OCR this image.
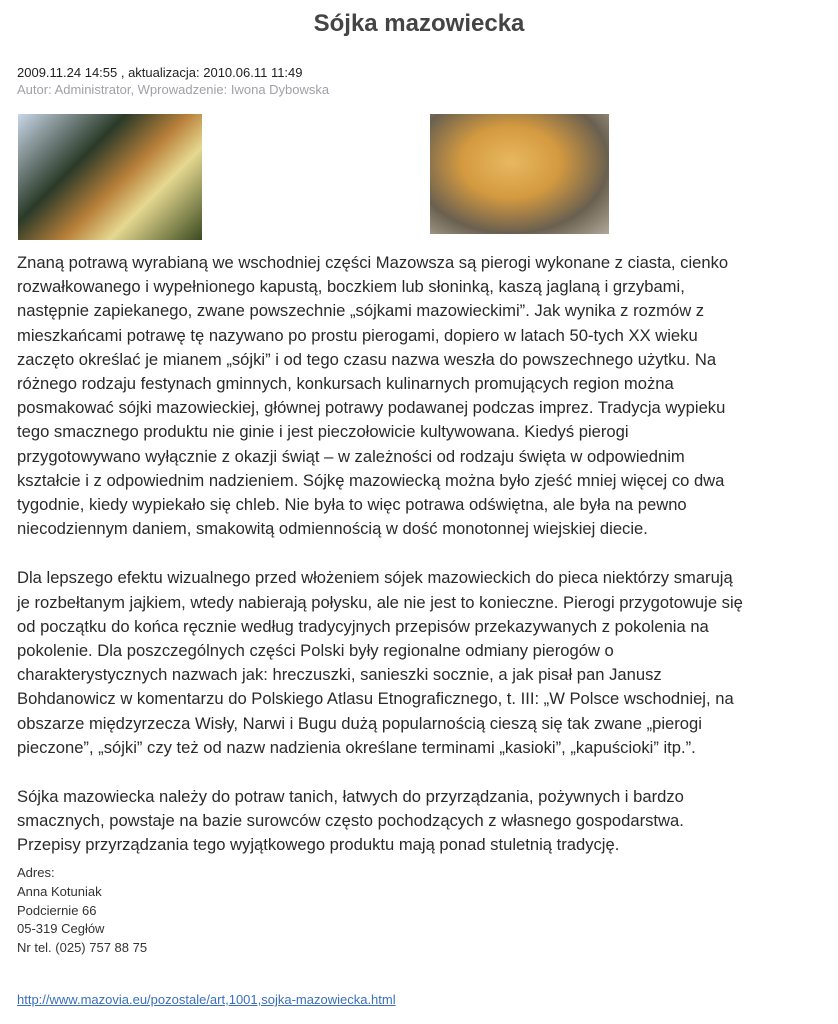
Sójka mazowiecka
2009.11.24 14:55 , aktualizacja: 2010.06.11 11:49
Autor: Administrator, Wprowadzenie: Iwona Dybowska
Znaną potrawą wyrabianą we wschodniej części Mazowsza są pierogi wykonane z ciasta, cienko
rozwałkowanego i wypełnionego kapustą, boczkiem lub słoninką, kaszą jaglaną i grzybami,
następnie zapiekanego, zwane powszechnie „sójkami mazowieckimi”. Jak wynika z rozmów z
mieszkańcami potrawę tę nazywano po prostu pierogami, dopiero w latach 50-tych XX wieku
zaczęto określać je mianem „sójki” i od tego czasu nazwa weszła do powszechnego użytku. Na
różnego rodzaju festynach gminnych, konkursach kulinarnych promujących region można
posmakować sójki mazowieckiej, głównej potrawy podawanej podczas imprez. Tradycja wypieku
tego smacznego produktu nie ginie i jest pieczołowicie kultywowana. Kiedyś pierogi
przygotowywano wyłącznie z okazji świąt – w zależności od rodzaju święta w odpowiednim
kształcie i z odpowiednim nadzieniem. Sójkę mazowiecką można było zjeść mniej więcej co dwa
tygodnie, kiedy wypiekało się chleb. Nie była to więc potrawa odświętna, ale była na pewno
niecodziennym daniem, smakowitą odmiennością w dość monotonnej wiejskiej diecie.
Dla lepszego efektu wizualnego przed włożeniem sójek mazowieckich do pieca niektórzy smarują
je rozbełtanym jajkiem, wtedy nabierają połysku, ale nie jest to konieczne. Pierogi przygotowuje się
od początku do końca ręcznie według tradycyjnych przepisów przekazywanych z pokolenia na
pokolenie. Dla poszczególnych części Polski były regionalne odmiany pierogów o
charakterystycznych nazwach jak: hreczuszki, sanieszki socznie, a jak pisał pan Janusz
Bohdanowicz w komentarzu do Polskiego Atlasu Etnograficznego, t. III: „W Polsce wschodniej, na
obszarze międzyrzecza Wisły, Narwi i Bugu dużą popularnością cieszą się tak zwane „pierogi
pieczone”, „sójki” czy też od nazw nadzienia określane terminami „kasioki”, „kapuścioki” itp.”.
Sójka mazowiecka należy do potraw tanich, łatwych do przyrządzania, pożywnych i bardzo
smacznych, powstaje na bazie surowców często pochodzących z własnego gospodarstwa.
Przepisy przyrządzania tego wyjątkowego produktu mają ponad stuletnią tradycję.
Adres:
Anna Kotuniak
Podciernie 66
05-319 Cegłów
Nr tel. (025) 757 88 75
http://www.mazovia.eu/pozostale/art,1001,sojka-mazowiecka.html
